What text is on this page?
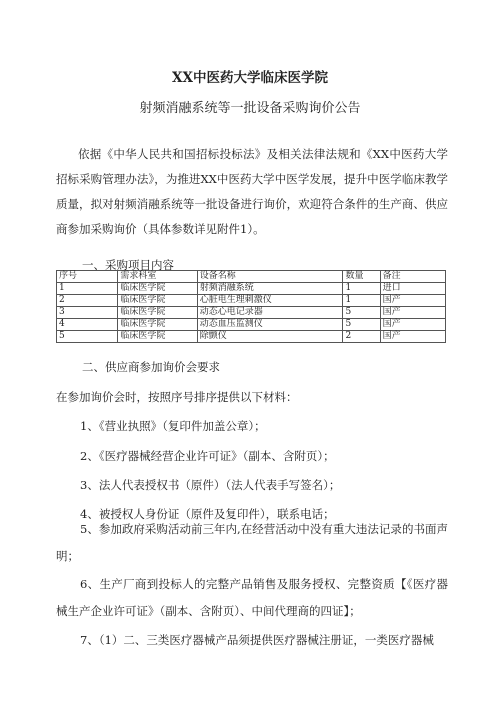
XX中医药大学临床医学院
射频消融系统等一批设备采购询价公告
依据《中华人民共和国招标投标法》及相关法律法规和《XX中医药大学招标采购管理办法》，为推进XX中医药大学中医学发展，提升中医学临床教学质量，拟对射频消融系统等一批设备进行询价，欢迎符合条件的生产商、供应商参加采购询价（具体参数详见附件1）。
一、采购项目内容
序号	需求科室	设备名称	数量	备注
1	临床医学院	射频消融系统	1	进口
2	临床医学院	心脏电生理刺激仪	1	国产
3	临床医学院	动态心电记录器	5	国产
4	临床医学院	动态血压监测仪	5	国产
5	临床医学院	除颤仪	2	国产
二、供应商参加询价会要求
在参加询价会时，按照序号排序提供以下材料：
1、《营业执照》（复印件加盖公章）；
2、《医疗器械经营企业许可证》（副本、含附页）；
3、法人代表授权书（原件）（法人代表手写签名）；
4、被授权人身份证（原件及复印件），联系电话；
5、参加政府采购活动前三年内,在经营活动中没有重大违法记录的书面声明；
6、生产厂商到投标人的完整产品销售及服务授权、完整资质【《医疗器械生产企业许可证》（副本、含附页）、中间代理商的四证】；
7、（1）二、三类医疗器械产品须提供医疗器械注册证，一类医疗器械
